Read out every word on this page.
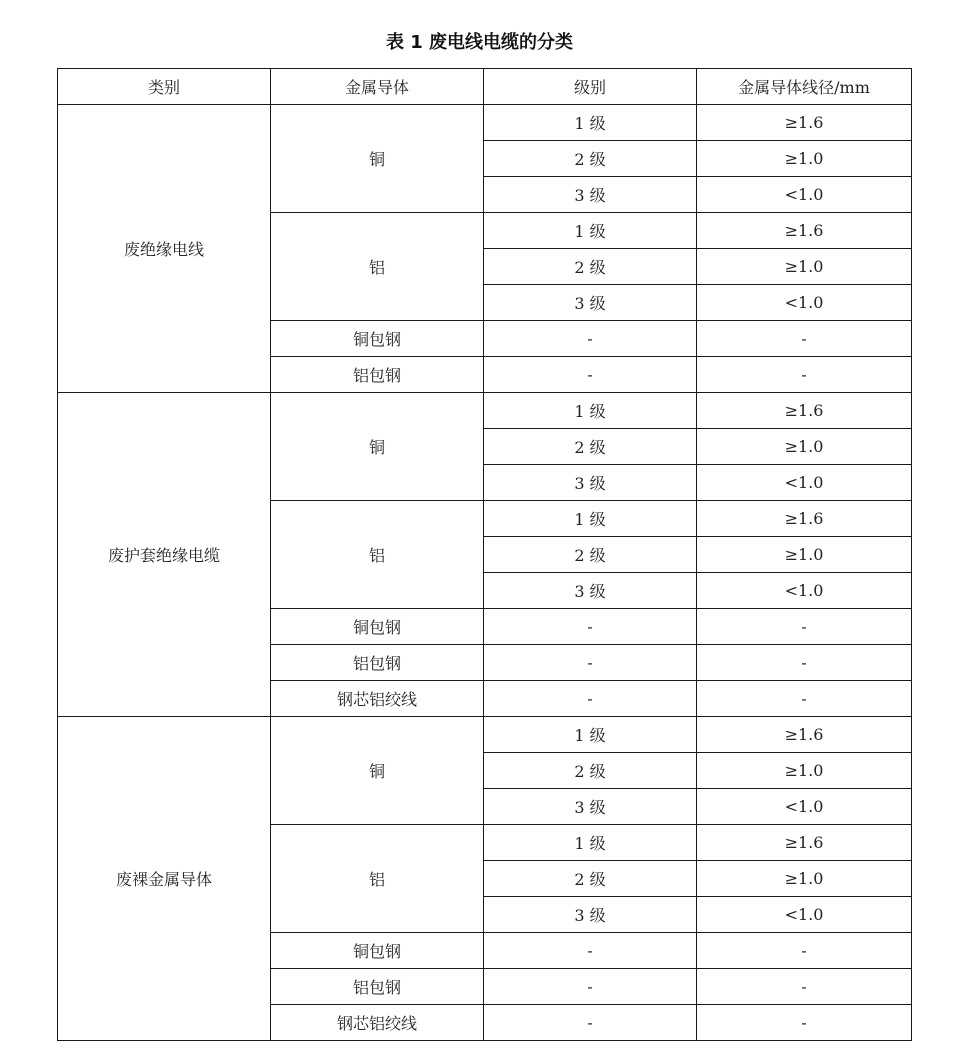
表 1 废电线电缆的分类
类别	金属导体	级别	金属导体线径/mm
废绝缘电线	铜	1 级	≥1.6
		2 级	≥1.0
		3 级	<1.0
	铝	1 级	≥1.6
		2 级	≥1.0
		3 级	<1.0
	铜包钢	-	-
	铝包钢	-	-
废护套绝缘电缆	铜	1 级	≥1.6
		2 级	≥1.0
		3 级	<1.0
	铝	1 级	≥1.6
		2 级	≥1.0
		3 级	<1.0
	铜包钢	-	-
	铝包钢	-	-
	钢芯铝绞线	-	-
废裸金属导体	铜	1 级	≥1.6
		2 级	≥1.0
		3 级	<1.0
	铝	1 级	≥1.6
		2 级	≥1.0
		3 级	<1.0
	铜包钢	-	-
	铝包钢	-	-
	钢芯铝绞线	-	-
